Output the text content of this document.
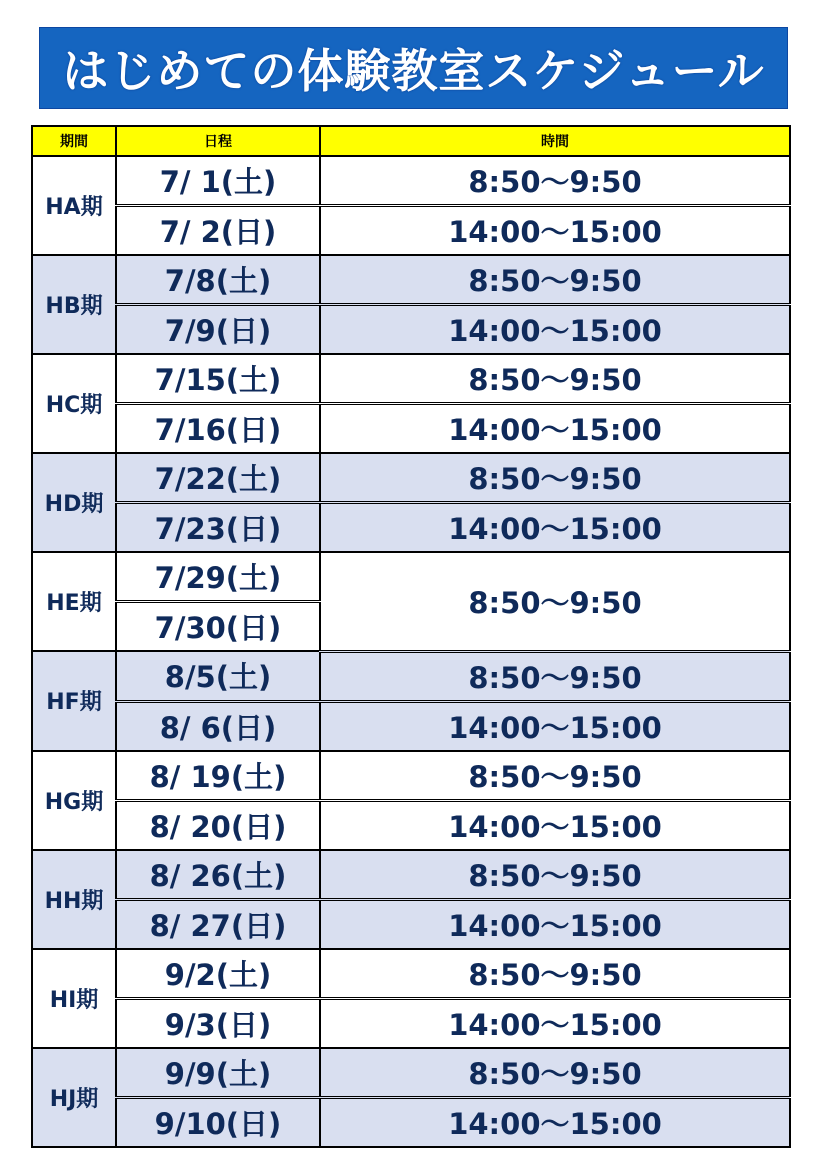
はじめての体験教室スケジュール
期間	日程	時間
HA期	7/ 1(土)	8:50～9:50
	7/ 2(日)	14:00～15:00
HB期	7/8(土)	8:50～9:50
	7/9(日)	14:00～15:00
HC期	7/15(土)	8:50～9:50
	7/16(日)	14:00～15:00
HD期	7/22(土)	8:50～9:50
	7/23(日)	14:00～15:00
HE期	7/29(土)	8:50～9:50
	7/30(日)	
HF期	8/5(土)	8:50～9:50
	8/ 6(日)	14:00～15:00
HG期	8/ 19(土)	8:50～9:50
	8/ 20(日)	14:00～15:00
HH期	8/ 26(土)	8:50～9:50
	8/ 27(日)	14:00～15:00
HI期	9/2(土)	8:50～9:50
	9/3(日)	14:00～15:00
HJ期	9/9(土)	8:50～9:50
	9/10(日)	14:00～15:00
